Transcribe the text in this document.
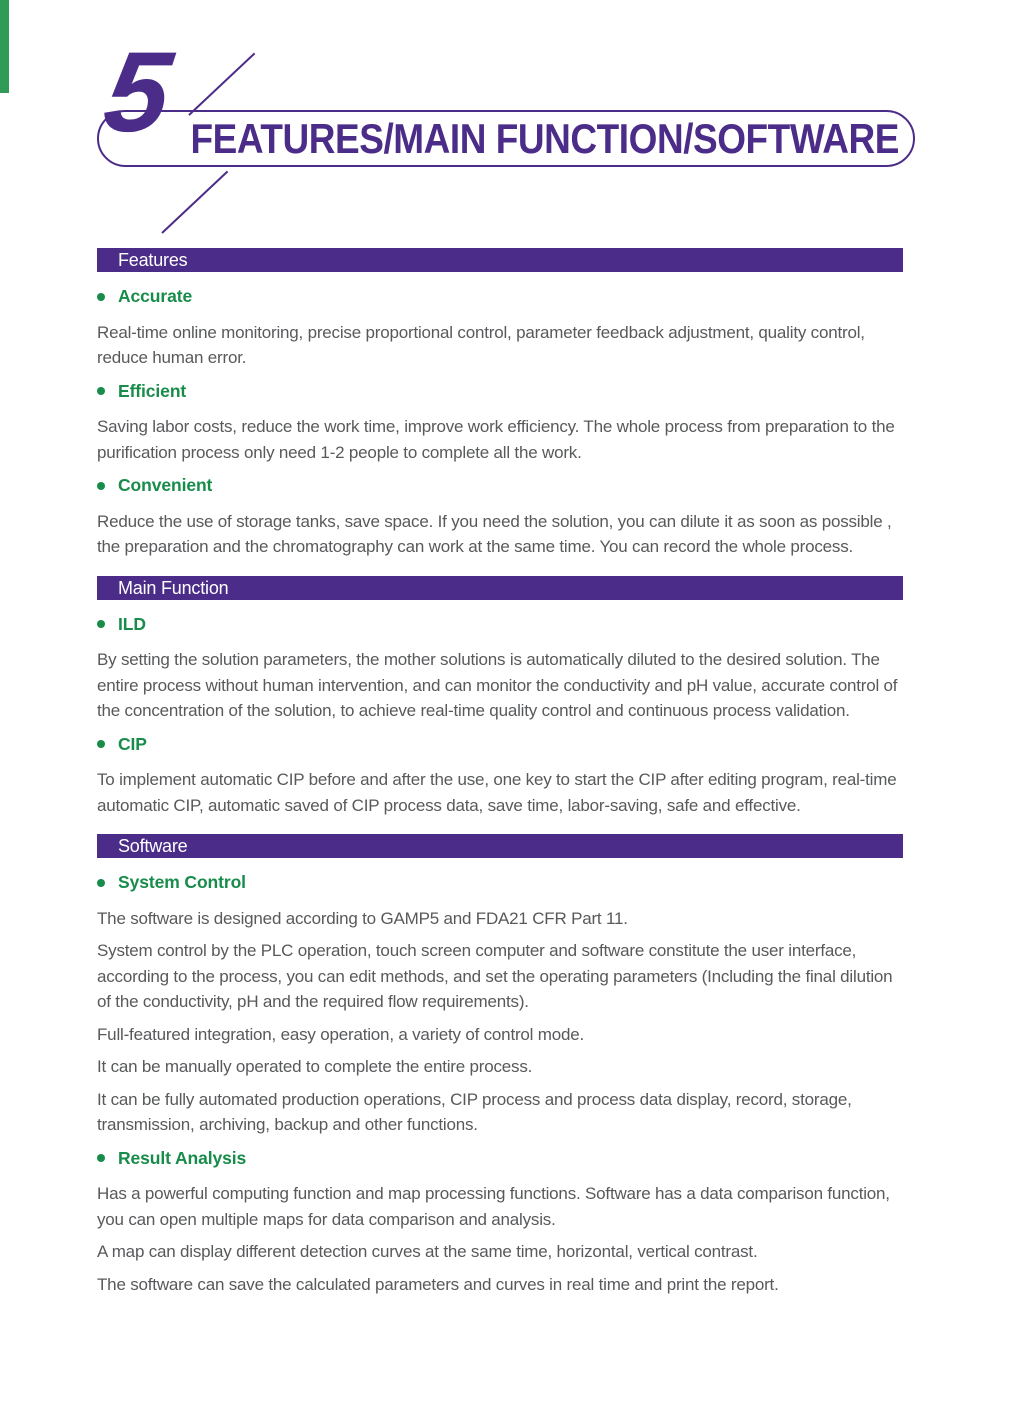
FEATURES/MAIN FUNCTION/SOFTWARE
5
Features
Accurate

Real-time online monitoring, precise proportional control, parameter feedback adjustment, quality control, reduce human error.

Efficient

Saving labor costs, reduce the work time, improve work efficiency. The whole process from preparation to the purification process only need 1-2 people to complete all the work.

Convenient

Reduce the use of storage tanks, save space. If you need the solution, you can dilute it as soon as possible , the preparation and the chromatography can work at the same time. You can record the whole process.

Main Function
ILD

By setting the solution parameters, the mother solutions is automatically diluted to the desired solution. The entire process without human intervention, and can monitor the conductivity and pH value, accurate control of the concentration of the solution, to achieve real-time quality control and continuous process validation.

CIP

To implement automatic CIP before and after the use, one key to start the CIP after editing program, real-time automatic CIP, automatic saved of CIP process data, save time, labor-saving, safe and effective.

Software
System Control

The software is designed according to GAMP5 and FDA21 CFR Part 11.

System control by the PLC operation, touch screen computer and software constitute the user interface, according to the process, you can edit methods, and set the operating parameters (Including the final dilution of the conductivity, pH and the required flow requirements).

Full-featured integration, easy operation, a variety of control mode.

It can be manually operated to complete the entire process.

It can be fully automated production operations, CIP process and process data display, record, storage, transmission, archiving, backup and other functions.

Result Analysis

Has a powerful computing function and map processing functions. Software has a data comparison function, you can open multiple maps for data comparison and analysis.

A map can display different detection curves at the same time, horizontal, vertical contrast.

The software can save the calculated parameters and curves in real time and print the report.
